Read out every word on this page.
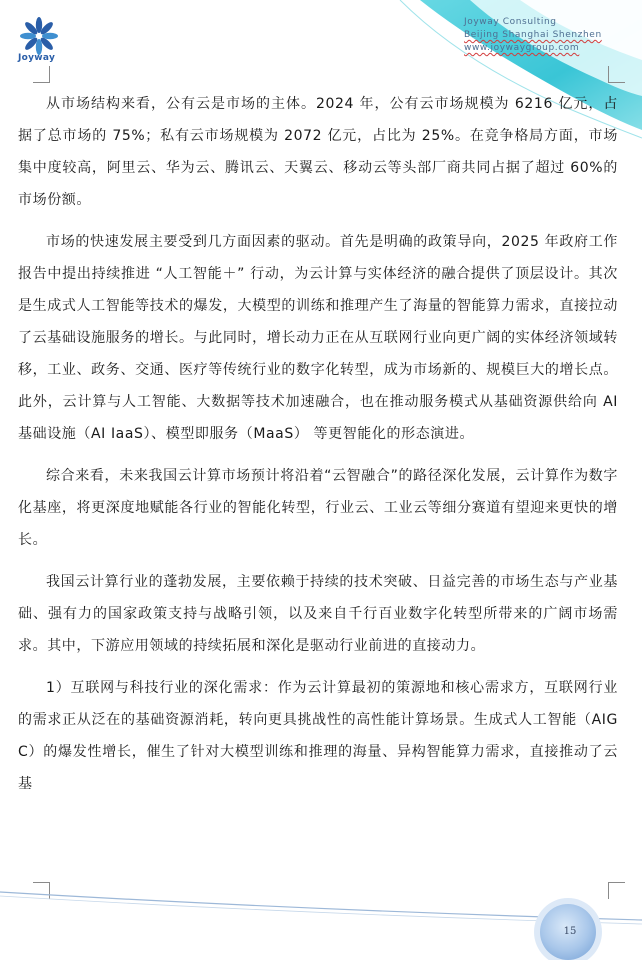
Joyway
Joyway Consulting
Beijing Shanghai Shenzhen
www.joywaygroup.com

从市场结构来看，公有云是市场的主体。2024 年，公有云市场规模为 6216 亿元，占据了总市场的 75%；私有云市场规模为 2072 亿元，占比为 25%。在竞争格局方面，市场集中度较高，阿里云、华为云、腾讯云、天翼云、移动云等头部厂商共同占据了超过 60%的市场份额。

市场的快速发展主要受到几方面因素的驱动。首先是明确的政策导向，2025 年政府工作报告中提出持续推进 “人工智能＋” 行动，为云计算与实体经济的融合提供了顶层设计。其次是生成式人工智能等技术的爆发，大模型的训练和推理产生了海量的智能算力需求，直接拉动了云基础设施服务的增长。与此同时，增长动力正在从互联网行业向更广阔的实体经济领域转移，工业、政务、交通、医疗等传统行业的数字化转型，成为市场新的、规模巨大的增长点。此外，云计算与人工智能、大数据等技术加速融合，也在推动服务模式从基础资源供给向 AI 基础设施（AI IaaS）、模型即服务（MaaS） 等更智能化的形态演进。

综合来看，未来我国云计算市场预计将沿着“云智融合”的路径深化发展，云计算作为数字化基座，将更深度地赋能各行业的智能化转型，行业云、工业云等细分赛道有望迎来更快的增长。

我国云计算行业的蓬勃发展，主要依赖于持续的技术突破、日益完善的市场生态与产业基础、强有力的国家政策支持与战略引领，以及来自千行百业数字化转型所带来的广阔市场需求。其中，下游应用领域的持续拓展和深化是驱动行业前进的直接动力。

1）互联网与科技行业的深化需求：作为云计算最初的策源地和核心需求方，互联网行业的需求正从泛在的基础资源消耗，转向更具挑战性的高性能计算场景。生成式人工智能（AIGC）的爆发性增长，催生了针对大模型训练和推理的海量、异构智能算力需求，直接推动了云基

15
